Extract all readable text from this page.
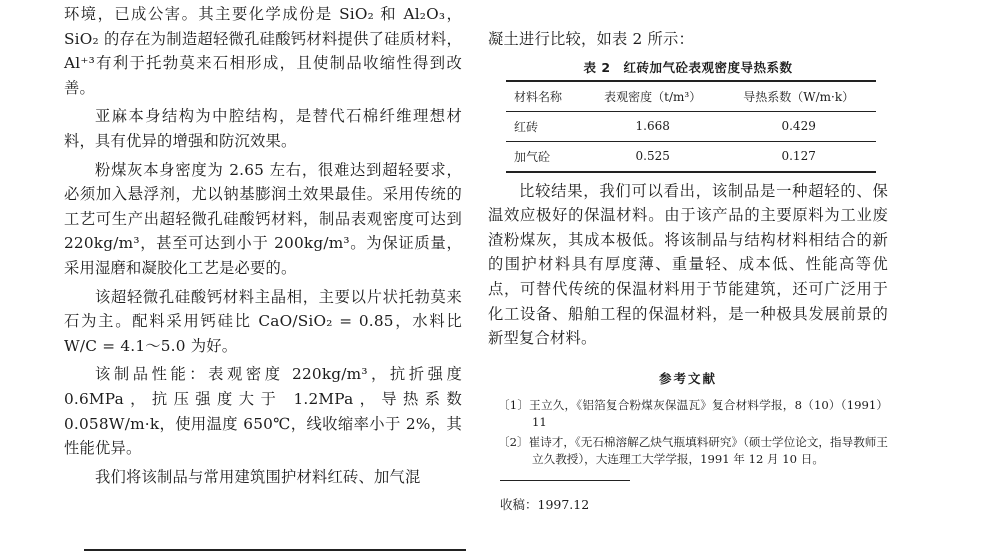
环境，已成公害。其主要化学成份是 SiO₂ 和 Al₂O₃，SiO₂ 的存在为制造超轻微孔硅酸钙材料提供了硅质材料，Al⁺³有利于托勃莫来石相形成，且使制品收缩性得到改善。

亚麻本身结构为中腔结构，是替代石棉纤维理想材料，具有优异的增强和防沉效果。

粉煤灰本身密度为 2.65 左右，很难达到超轻要求，必须加入悬浮剂，尤以钠基膨润土效果最佳。采用传统的工艺可生产出超轻微孔硅酸钙材料，制品表观密度可达到 220kg/m³，甚至可达到小于 200kg/m³。为保证质量，采用湿磨和凝胶化工艺是必要的。

该超轻微孔硅酸钙材料主晶相，主要以片状托勃莫来石为主。配料采用钙硅比 CaO/SiO₂ = 0.85，水料比 W/C = 4.1～5.0 为好。

该制品性能：表观密度 220kg/m³，抗折强度 0.6MPa，抗压强度大于 1.2MPa，导热系数 0.058W/m·k，使用温度 650℃，线收缩率小于 2%，其性能优异。

我们将该制品与常用建筑围护材料红砖、加气混

凝土进行比较，如表 2 所示：

表 2　红砖加气砼表观密度导热系数
材料名称	表观密度（t/m³）	导热系数（W/m·k）
红砖	1.668	0.429
加气砼	0.525	0.127

比较结果，我们可以看出，该制品是一种超轻的、保温效应极好的保温材料。由于该产品的主要原料为工业废渣粉煤灰，其成本极低。将该制品与结构材料相结合的新的围护材料具有厚度薄、重量轻、成本低、性能高等优点，可替代传统的保温材料用于节能建筑，还可广泛用于化工设备、船舶工程的保温材料，是一种极具发展前景的新型复合材料。

参考文献

〔1〕王立久，《铝箔复合粉煤灰保温瓦》复合材料学报，8（10）（1991）11

〔2〕崔诗才，《无石棉溶解乙炔气瓶填料研究》（硕士学位论文，指导教师王立久教授），大连理工大学学报，1991 年 12 月 10 日。

收稿：1997.12
